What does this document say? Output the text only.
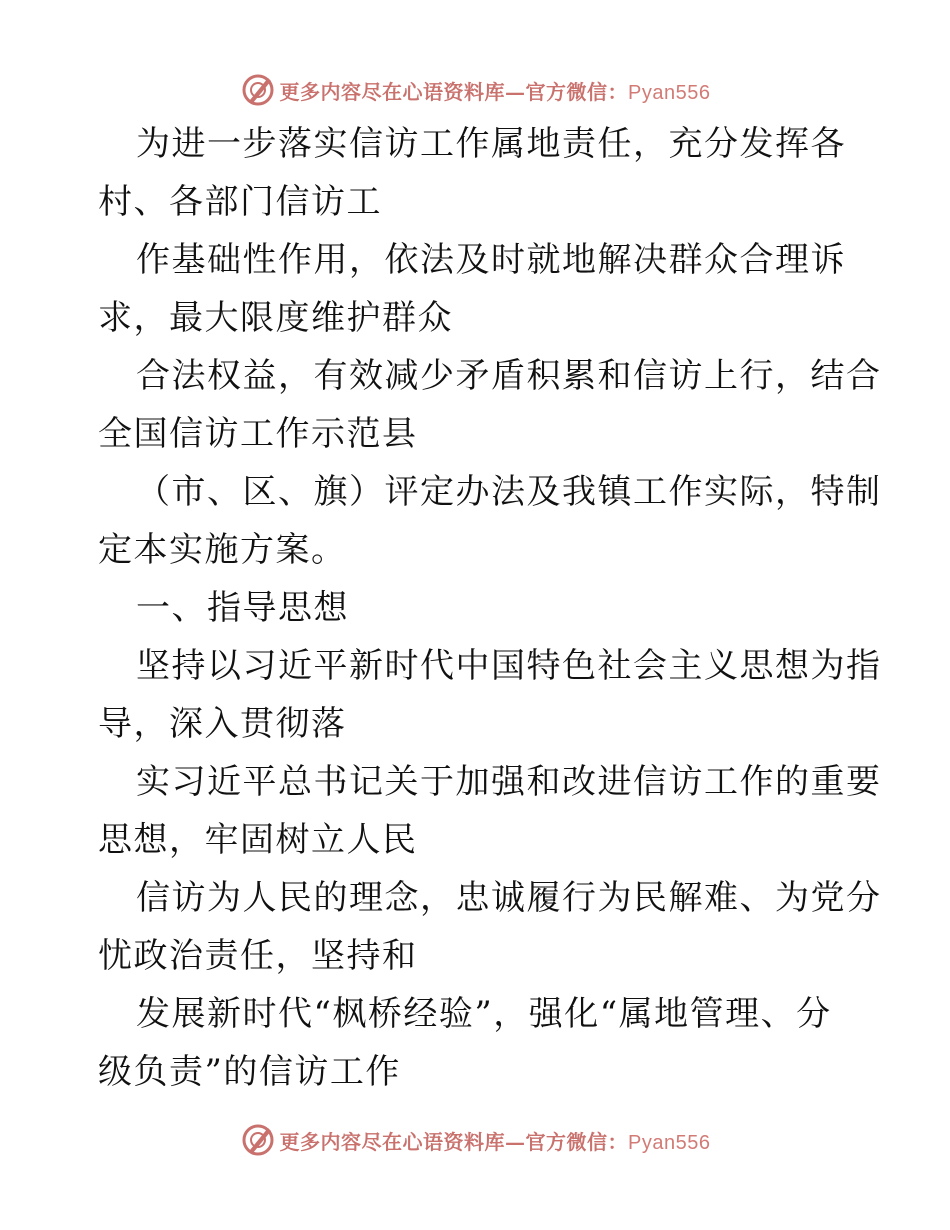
更多内容尽在心语资料库—官方微信：Pyan556
为进一步落实信访工作属地责任，充分发挥各
村、各部门信访工
作基础性作用，依法及时就地解决群众合理诉
求，最大限度维护群众
合法权益，有效减少矛盾积累和信访上行，结合
全国信访工作示范县
（市、区、旗）评定办法及我镇工作实际，特制
定本实施方案。
一、指导思想
坚持以习近平新时代中国特色社会主义思想为指
导，深入贯彻落
实习近平总书记关于加强和改进信访工作的重要
思想，牢固树立人民
信访为人民的理念，忠诚履行为民解难、为党分
忧政治责任，坚持和
发展新时代“枫桥经验”，强化“属地管理、分
级负责”的信访工作
更多内容尽在心语资料库—官方微信：Pyan556
